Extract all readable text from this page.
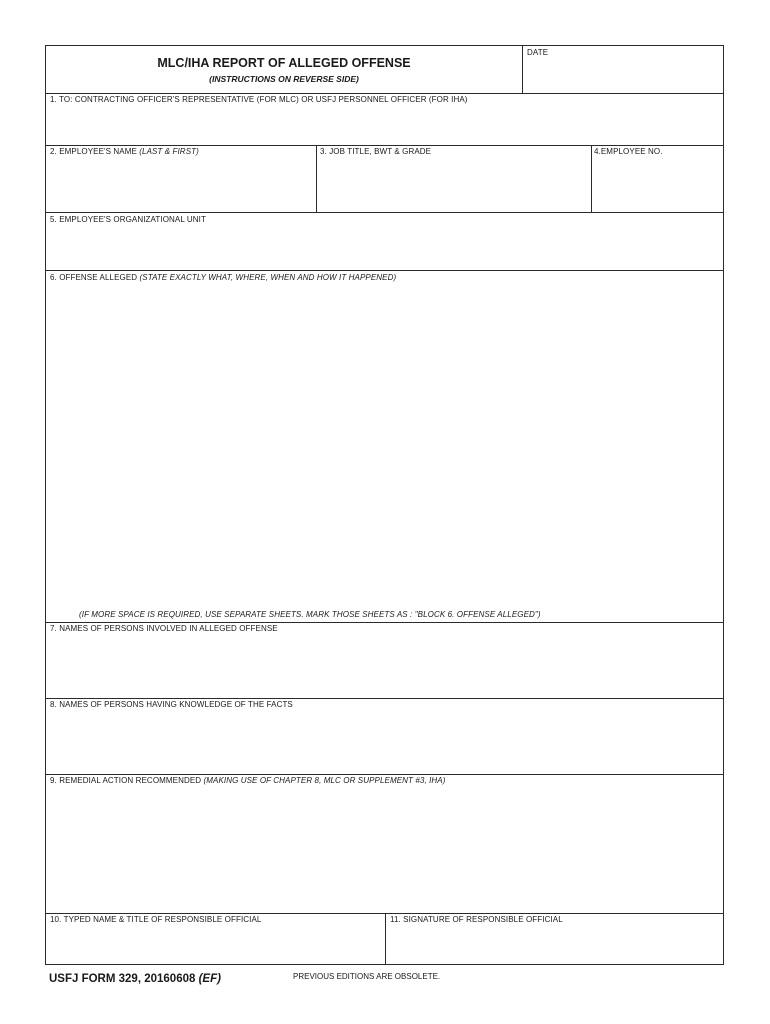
MLC/IHA REPORT OF ALLEGED OFFENSE
(INSTRUCTIONS ON REVERSE SIDE)
DATE
1. TO: CONTRACTING OFFICER'S REPRESENTATIVE (FOR MLC) OR USFJ PERSONNEL OFFICER (FOR IHA)
2. EMPLOYEE'S NAME (LAST & FIRST)	3. JOB TITLE, BWT & GRADE	4.EMPLOYEE NO.
5. EMPLOYEE'S ORGANIZATIONAL UNIT
6. OFFENSE ALLEGED (STATE EXACTLY WHAT, WHERE, WHEN AND HOW IT HAPPENED)
(IF MORE SPACE IS REQUIRED, USE SEPARATE SHEETS. MARK THOSE SHEETS AS : "BLOCK 6. OFFENSE ALLEGED")
7. NAMES OF PERSONS INVOLVED IN ALLEGED OFFENSE
8. NAMES OF PERSONS HAVING KNOWLEDGE OF THE FACTS
9. REMEDIAL ACTION RECOMMENDED (MAKING USE OF CHAPTER 8, MLC OR SUPPLEMENT #3, IHA)
10. TYPED NAME & TITLE OF RESPONSIBLE OFFICIAL	11. SIGNATURE OF RESPONSIBLE OFFICIAL
USFJ FORM 329, 20160608 (EF)	PREVIOUS EDITIONS ARE OBSOLETE.
